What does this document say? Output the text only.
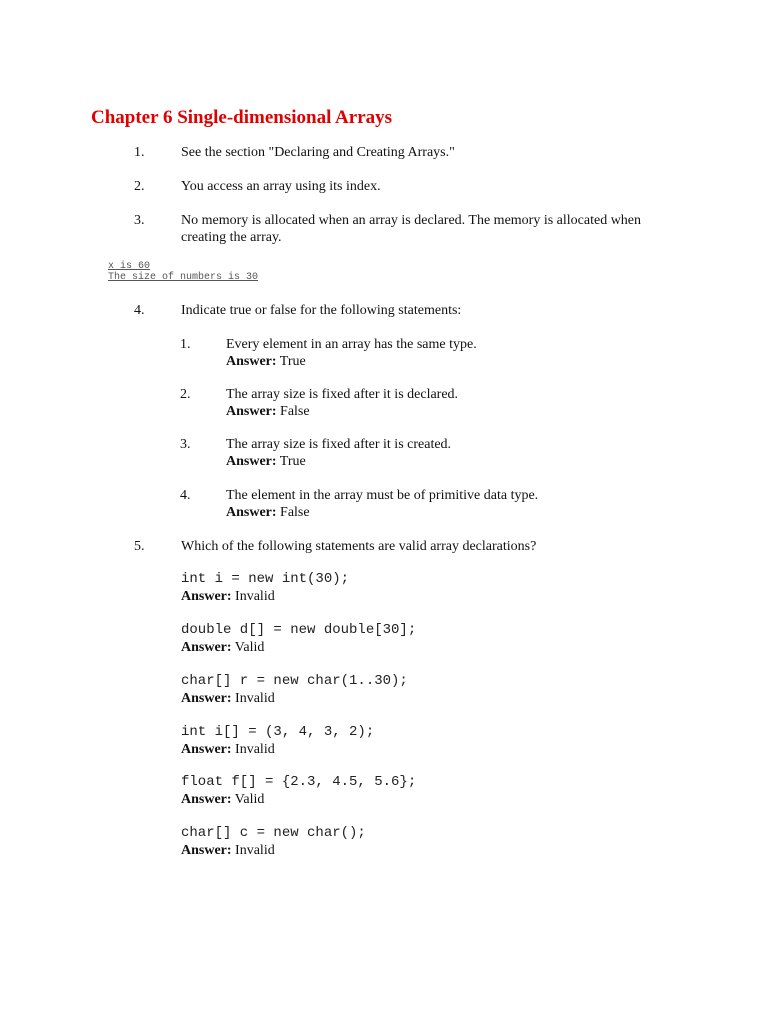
Chapter 6 Single-dimensional Arrays
1.	See the section "Declaring and Creating Arrays."
2.	You access an array using its index.
3.	No memory is allocated when an array is declared. The memory is allocated when creating the array.
x is 60
The size of numbers is 30
4.	Indicate true or false for the following statements:
1.	Every element in an array has the same type.
Answer: True
2.	The array size is fixed after it is declared.
Answer: False
3.	The array size is fixed after it is created.
Answer: True
4.	The element in the array must be of primitive data type.
Answer: False
5.	Which of the following statements are valid array declarations?
int i = new int(30);
Answer: Invalid
double d[] = new double[30];
Answer: Valid
char[] r = new char(1..30);
Answer: Invalid
int i[] = (3, 4, 3, 2);
Answer: Invalid
float f[] = {2.3, 4.5, 5.6};
Answer: Valid
char[] c = new char();
Answer: Invalid
